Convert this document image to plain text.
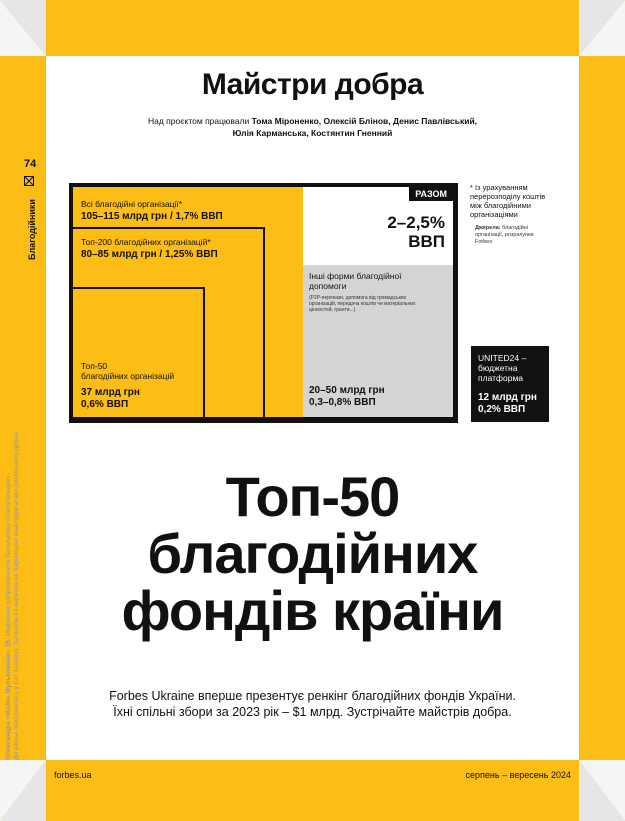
Майстри добра
Над проєктом працювали Тома Міроненко, Олексій Блінов, Денис Павлівський,
Юлія Карманська, Костянтин Гненний
74
Благодійники
Олександра «Майя» Мульковенко, 35. Медикиня добровольчого батальйону «Госпітальєри».
До військ приєдналась у Бої Stareliv). Загинула 14 вересня на Харківщині внаслідок атаки російського дрона.
Всі благодійні організації*
105–115 млрд грн / 1,7% ВВП
Топ-200 благодійних організацій*
80–85 млрд грн / 1,25% ВВП
Топ-50
благодійних організацій
37 млрд грн
0,6% ВВП
РАЗОМ
2–2,5%
ВВП
Інші форми благодійної допомоги
(P2P-перекази, допомога від громадських організацій, передача коштів чи матеріальних цінностей, гранти...)
20–50 млрд грн
0,3–0,8% ВВП
* Із урахуванням перерозподілу коштів між благодійними організаціями
Джерела: благодійні організації, розрахунки Forbes
UNITED24 – бюджетна платформа
12 млрд грн
0,2% ВВП
Топ-50
благодійних
фондів країни
Forbes Ukraine вперше презентує ренкінг благодійних фондів України. Їхні спільні збори за 2023 рік – $1 млрд. Зустрічайте майстрів добра.
forbes.ua	серпень – вересень 2024
